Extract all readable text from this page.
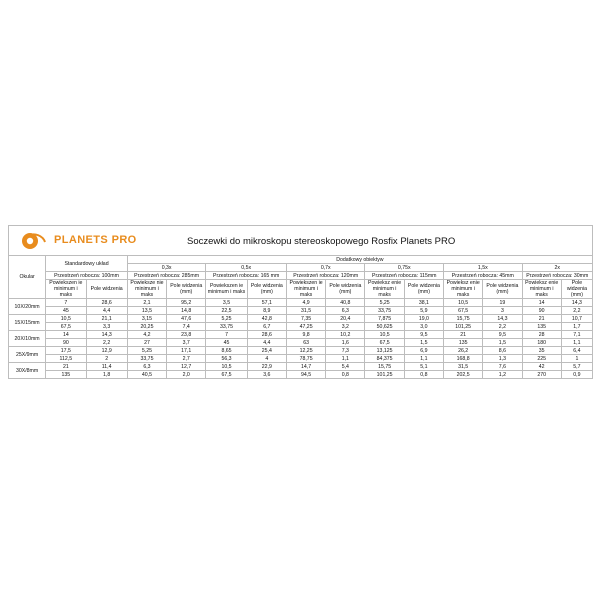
PLANETS PRO	Soczewki do mikroskopu stereoskopowego Rosfix Planets PRO
Okular	Standardowy układ		Dodatkowy obiektyw											
			0,3x		0,5x		0,7x		0,75x		1,5x		2x	
	Przestrzeń robocza: 100mm		Przestrzeń robocza: 285mm		Przestrzeń robocza: 165 mm		Przestrzeń robocza: 120mm		Przestrzeń robocza: 115mm		Przestrzeń robocza: 45mm		Przestrzeń robocza: 30mm	
	Powiekszen ie minimum i maks	Pole widzenia	Powieksze nie minimum i maks	Pole widzenia (mm)	Powiekszen ie minimum i maks	Pole widzenia (mm)	Powiekszen ie minimum i maks	Pole widzenia (mm)	Powieksz enie minimum i maks	Pole widzenia (mm)	Powieksz enie minimum i maks	Pole widzenia (mm)	Powieksz enie minimum i maks	Pole widzenia (mm)
10X/20mm	7	28,6	2,1	95,2	3,5	57,1	4,9	40,8	5,25	38,1	10,5	19	14	14,3
	45	4,4	13,5	14,8	22,5	8,9	31,5	6,3	33,75	5,9	67,5	3	90	2,2
15X/15mm	10,5	21,1	3,15	47,6	5,25	42,8	7,35	20,4	7,875	19,0	15,75	14,3	21	10,7
	67,5	3,3	20,25	7,4	33,75	6,7	47,25	3,2	50,625	3,0	101,25	2,2	135	1,7
20X/10mm	14	14,3	4,2	23,8	7	28,6	9,8	10,2	10,5	9,5	21	9,5	28	7,1
	90	2,2	27	3,7	45	4,4	63	1,6	67,5	1,5	135	1,5	180	1,1
25X/9mm	17,5	12,9	5,25	17,1	8,65	25,4	12,25	7,3	13,125	6,9	26,2	8,6	35	6,4
	112,5	2	33,75	2,7	56,3	4	78,75	1,1	84,375	1,1	168,8	1,3	225	1
30X/8mm	21	11,4	6,3	12,7	10,5	22,9	14,7	5,4	15,75	5,1	31,5	7,6	42	5,7
	135	1,8	40,5	2,0	67,5	3,6	94,5	0,8	101,25	0,8	202,5	1,2	270	0,9
